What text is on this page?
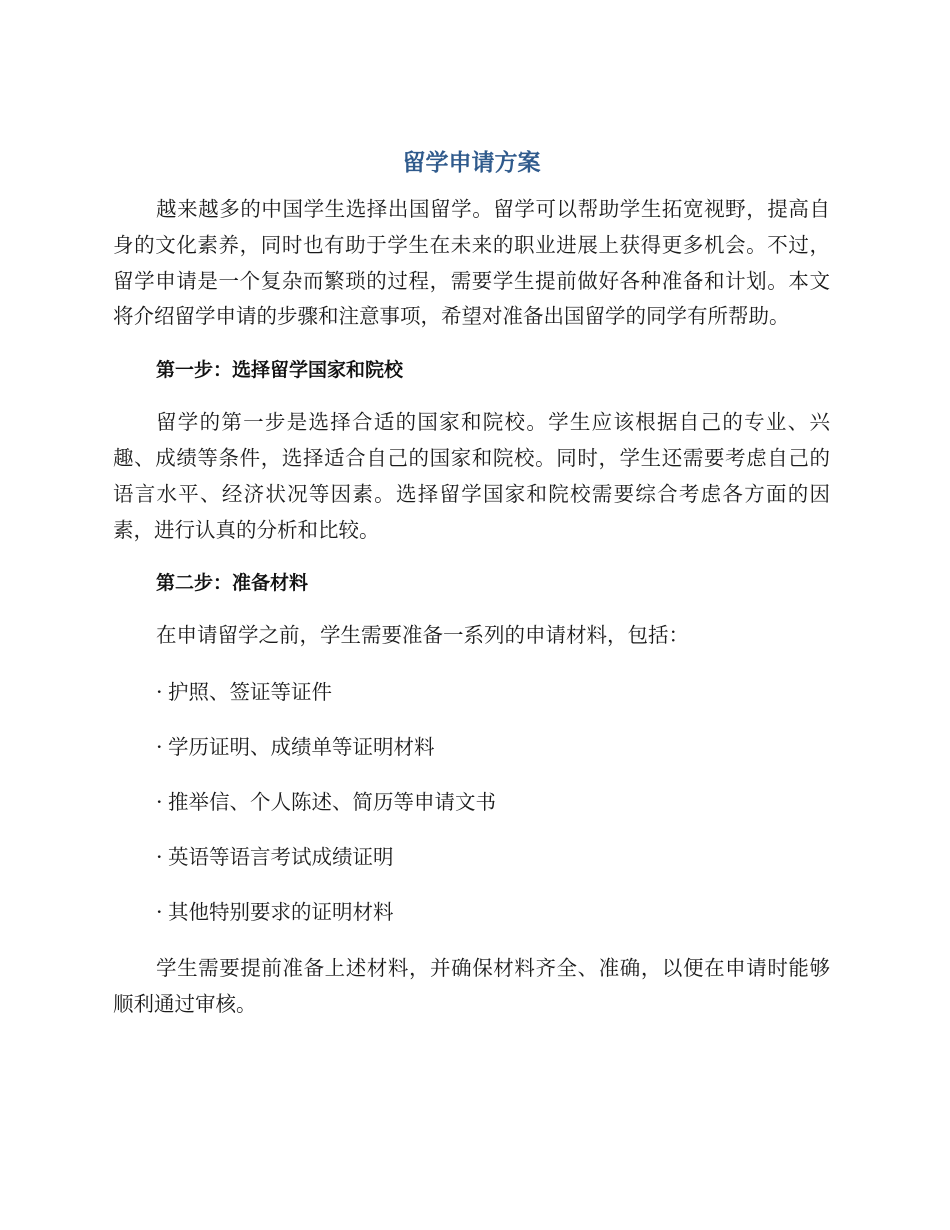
留学申请方案

越来越多的中国学生选择出国留学。留学可以帮助学生拓宽视野，提高自身的文化素养，同时也有助于学生在未来的职业进展上获得更多机会。不过，留学申请是一个复杂而繁琐的过程，需要学生提前做好各种准备和计划。本文将介绍留学申请的步骤和注意事项，希望对准备出国留学的同学有所帮助。

第一步：选择留学国家和院校

留学的第一步是选择合适的国家和院校。学生应该根据自己的专业、兴趣、成绩等条件，选择适合自己的国家和院校。同时，学生还需要考虑自己的语言水平、经济状况等因素。选择留学国家和院校需要综合考虑各方面的因素，进行认真的分析和比较。

第二步：准备材料

在申请留学之前，学生需要准备一系列的申请材料，包括：

· 护照、签证等证件
· 学历证明、成绩单等证明材料
· 推举信、个人陈述、简历等申请文书
· 英语等语言考试成绩证明
· 其他特别要求的证明材料

学生需要提前准备上述材料，并确保材料齐全、准确，以便在申请时能够顺利通过审核。
